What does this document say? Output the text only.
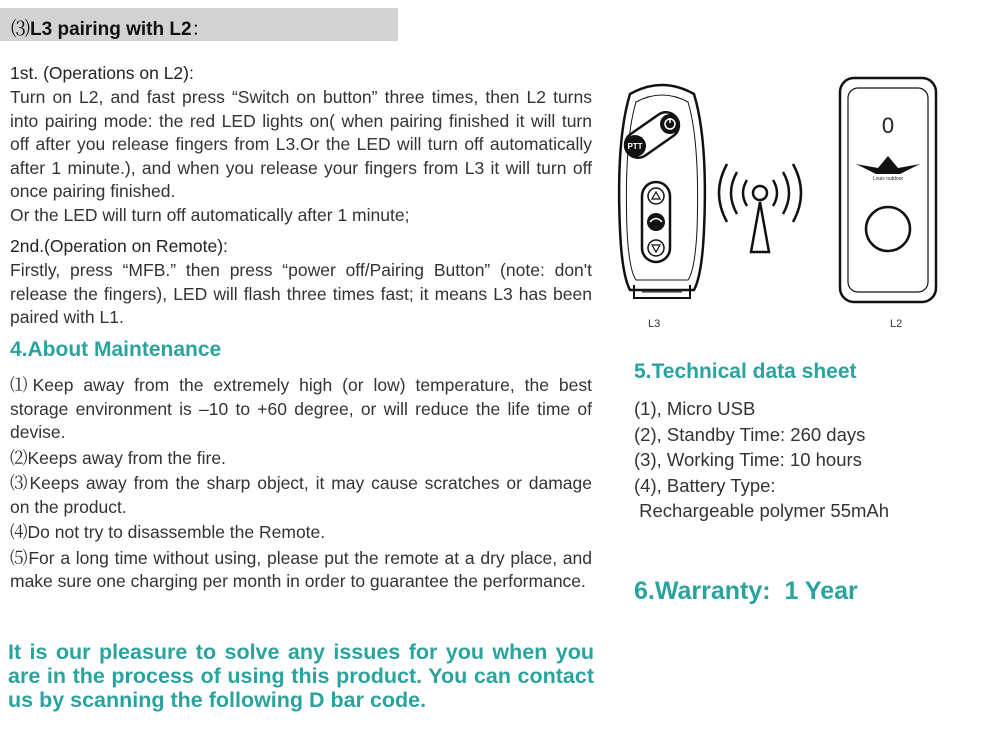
⑶L3 pairing with L2：
1st. (Operations on L2):

Turn on L2, and fast press “Switch on button” three times, then L2 turns into pairing mode: the red LED lights on( when pairing finished it will turn off after you release fingers from L3.Or the LED will turn off automatically after 1 minute.), and when you release your fingers from L3 it will turn off once pairing finished.

Or the LED will turn off automatically after 1 minute;

2nd.(Operation on Remote):

Firstly, press “MFB.” then press “power off/Pairing Button” (note: don't release the fingers), LED will flash three times fast; it means L3 has been paired with L1.

4.About Maintenance

⑴Keep away from the extremely high (or low) temperature, the best storage environment is –10 to +60 degree, or will reduce the life time of devise.

⑵Keeps away from the fire.

⑶Keeps away from the sharp object, it may cause scratches or damage on the product.

⑷Do not try to disassemble the Remote.

⑸For a long time without using, please put the remote at a dry place, and make sure one charging per month in order to guarantee the performance.

It is our pleasure to solve any issues for you when you are in the process of using this product. You can contact us by scanning the following D bar code.
PTT
L3
0
Louis outdoor
L2
5.Technical data sheet
(1), Micro USB
(2), Standby Time: 260 days
(3), Working Time: 10 hours
(4), Battery Type:
Rechargeable polymer 55mAh
6.Warranty:  1 Year
